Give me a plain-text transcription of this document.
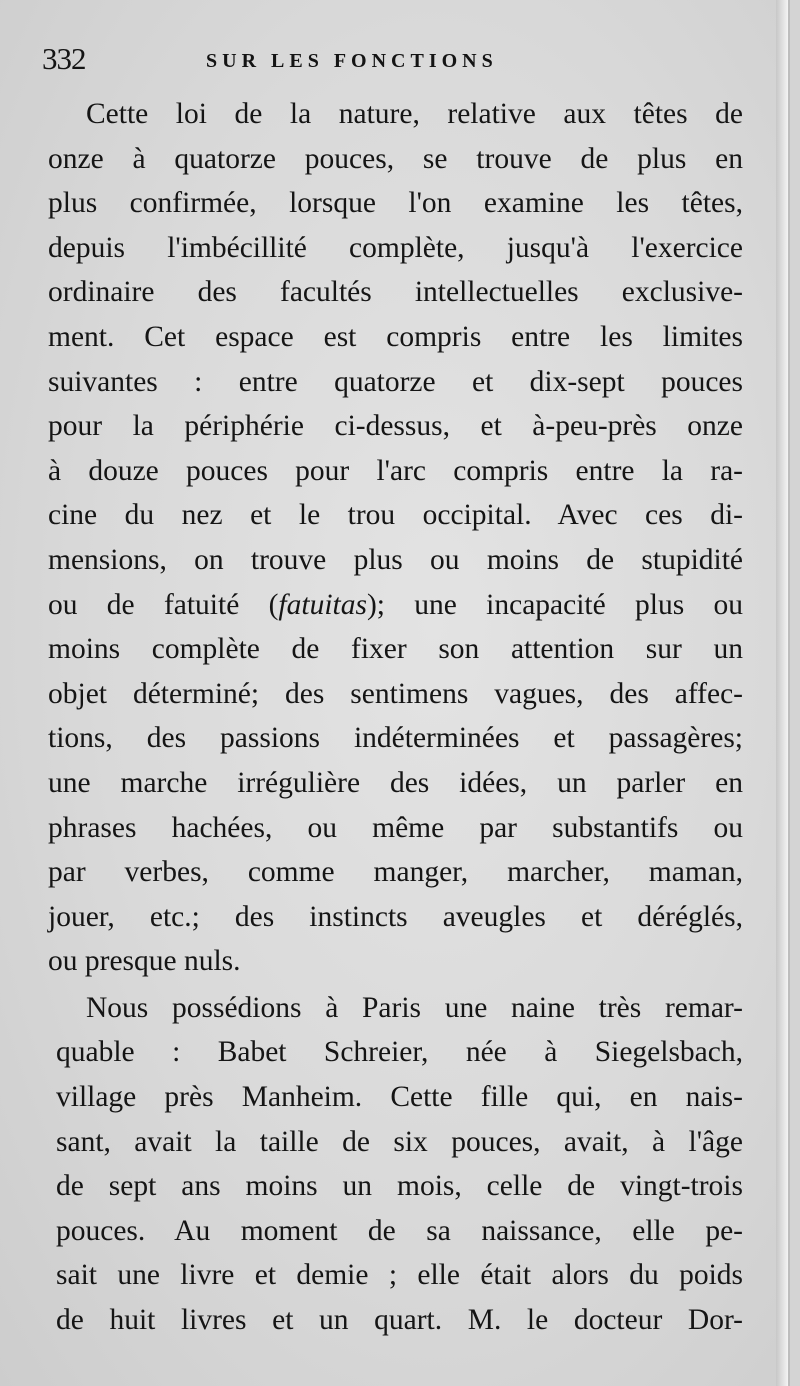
332	SUR LES FONCTIONS
Cette loi de la nature, relative aux têtes de
onze à quatorze pouces, se trouve de plus en
plus confirmée, lorsque l'on examine les têtes,
depuis l'imbécillité complète, jusqu'à l'exercice
ordinaire des facultés intellectuelles exclusive-
ment. Cet espace est compris entre les limites
suivantes : entre quatorze et dix-sept pouces
pour la périphérie ci-dessus, et à-peu-près onze
à douze pouces pour l'arc compris entre la ra-
cine du nez et le trou occipital. Avec ces di-
mensions, on trouve plus ou moins de stupidité
ou de fatuité (fatuitas); une incapacité plus ou
moins complète de fixer son attention sur un
objet déterminé; des sentimens vagues, des affec-
tions, des passions indéterminées et passagères;
une marche irrégulière des idées, un parler en
phrases hachées, ou même par substantifs ou
par verbes, comme manger, marcher, maman,
jouer, etc.; des instincts aveugles et déréglés,
ou presque nuls.
Nous possédions à Paris une naine très remar-
quable : Babet Schreier, née à Siegelsbach,
village près Manheim. Cette fille qui, en nais-
sant, avait la taille de six pouces, avait, à l'âge
de sept ans moins un mois, celle de vingt-trois
pouces. Au moment de sa naissance, elle pe-
sait une livre et demie ; elle était alors du poids
de huit livres et un quart. M. le docteur Dor-
